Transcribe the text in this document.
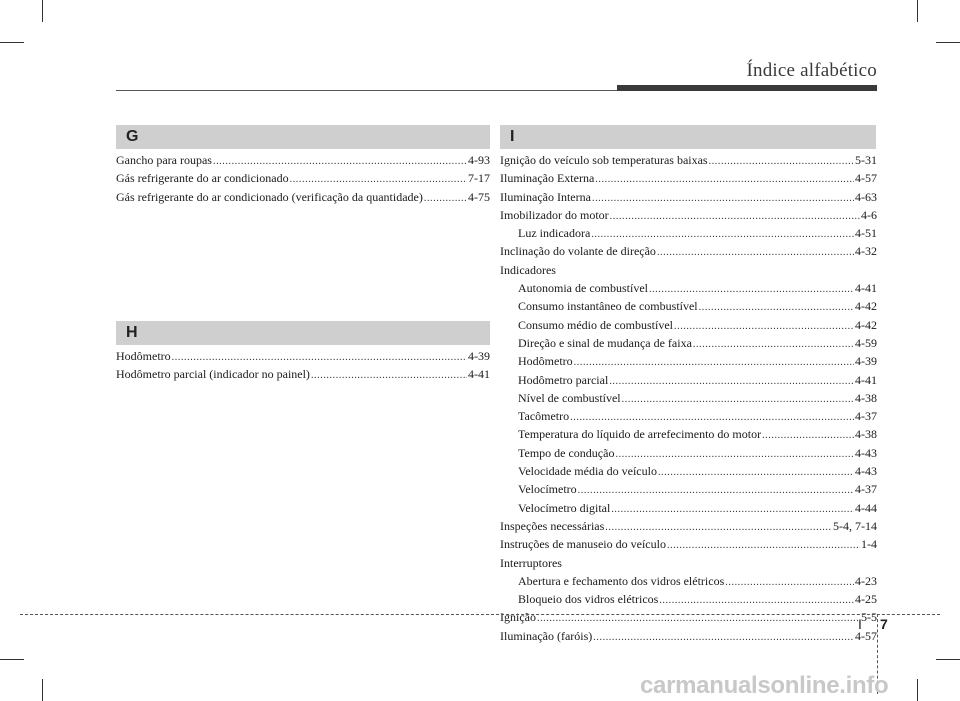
Índice alfabético
G
Gancho para roupas .....	4-93
Gás refrigerante do ar condicionado .....	7-17
Gás refrigerante do ar condicionado (verificação da quantidade) .....	4-75
H
Hodômetro .....	4-39
Hodômetro parcial (indicador no painel) .....	4-41
I
Ignição do veículo sob temperaturas baixas .....	5-31
Iluminação Externa .....	4-57
Iluminação Interna .....	4-63
Imobilizador do motor .....	4-6
Luz indicadora .....	4-51
Inclinação do volante de direção .....	4-32
Indicadores
Autonomia de combustível .....	4-41
Consumo instantâneo de combustível .....	4-42
Consumo médio de combustível .....	4-42
Direção e sinal de mudança de faixa .....	4-59
Hodômetro .....	4-39
Hodômetro parcial .....	4-41
Nível de combustível .....	4-38
Tacômetro .....	4-37
Temperatura do líquido de arrefecimento do motor .....	4-38
Tempo de condução .....	4-43
Velocidade média do veículo .....	4-43
Velocímetro .....	4-37
Velocímetro digital .....	4-44
Inspeções necessárias .....	5-4, 7-14
Instruções de manuseio do veículo .....	1-4
Interruptores
Abertura e fechamento dos vidros elétricos .....	4-23
Bloqueio dos vidros elétricos .....	4-25
Ignição .....	5-5
Iluminação (faróis) .....	4-57
I 7
carmanualsonline.info
